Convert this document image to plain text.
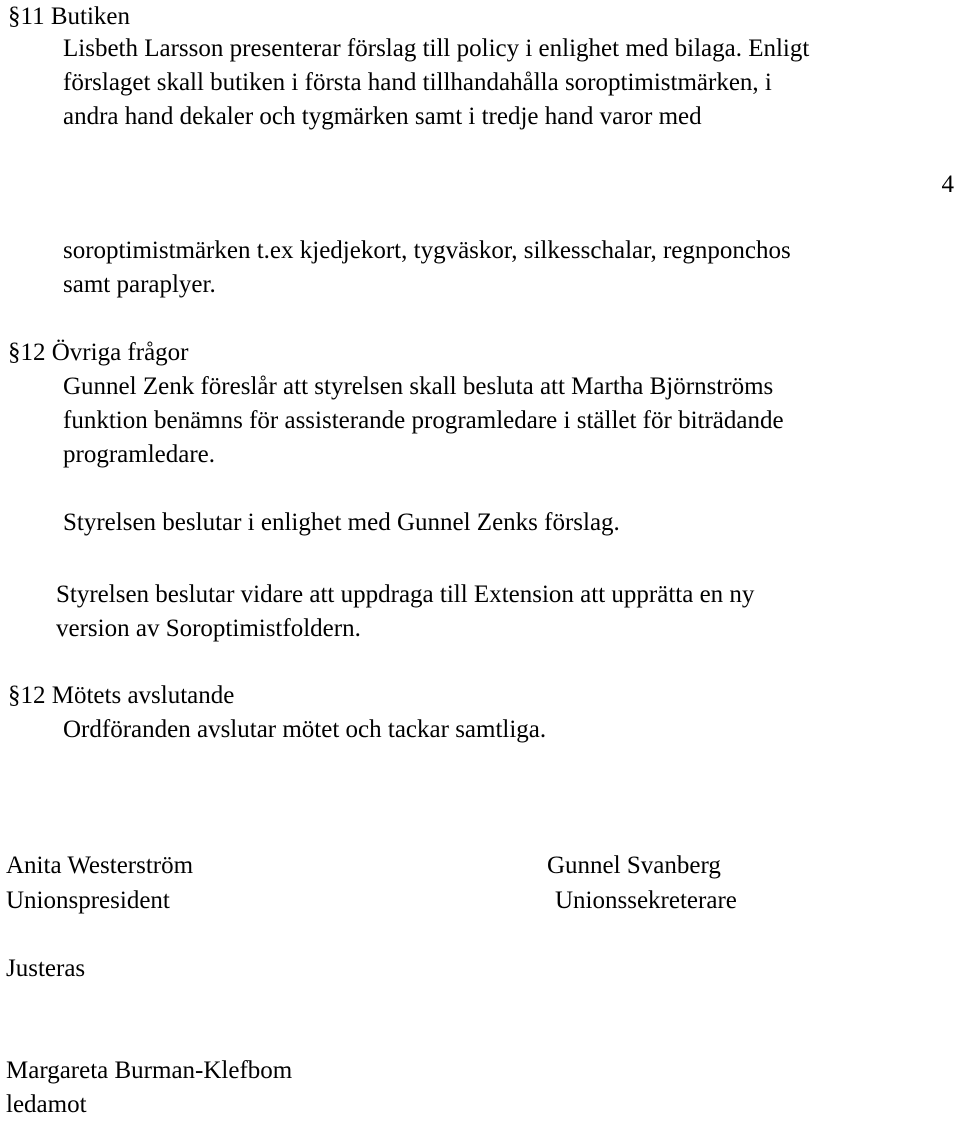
§11 Butiken
Lisbeth Larsson presenterar förslag till policy i enlighet med bilaga. Enligt
förslaget skall butiken i första hand tillhandahålla soroptimistmärken, i
andra hand dekaler och tygmärken samt i tredje hand varor med
4
soroptimistmärken t.ex kjedjekort, tygväskor, silkesschalar, regnponchos
samt paraplyer.
§12 Övriga frågor
Gunnel Zenk föreslår att styrelsen skall besluta att Martha Björnströms
funktion benämns för assisterande programledare i stället för biträdande
programledare.
Styrelsen beslutar i enlighet med Gunnel Zenks förslag.
Styrelsen beslutar vidare att uppdraga till Extension att upprätta en ny
version av Soroptimistfoldern.
§12 Mötets avslutande
Ordföranden avslutar mötet och tackar samtliga.
Anita Westerström
Unionspresident
Gunnel Svanberg
Unionssekreterare
Justeras
Margareta Burman-Klefbom
ledamot
